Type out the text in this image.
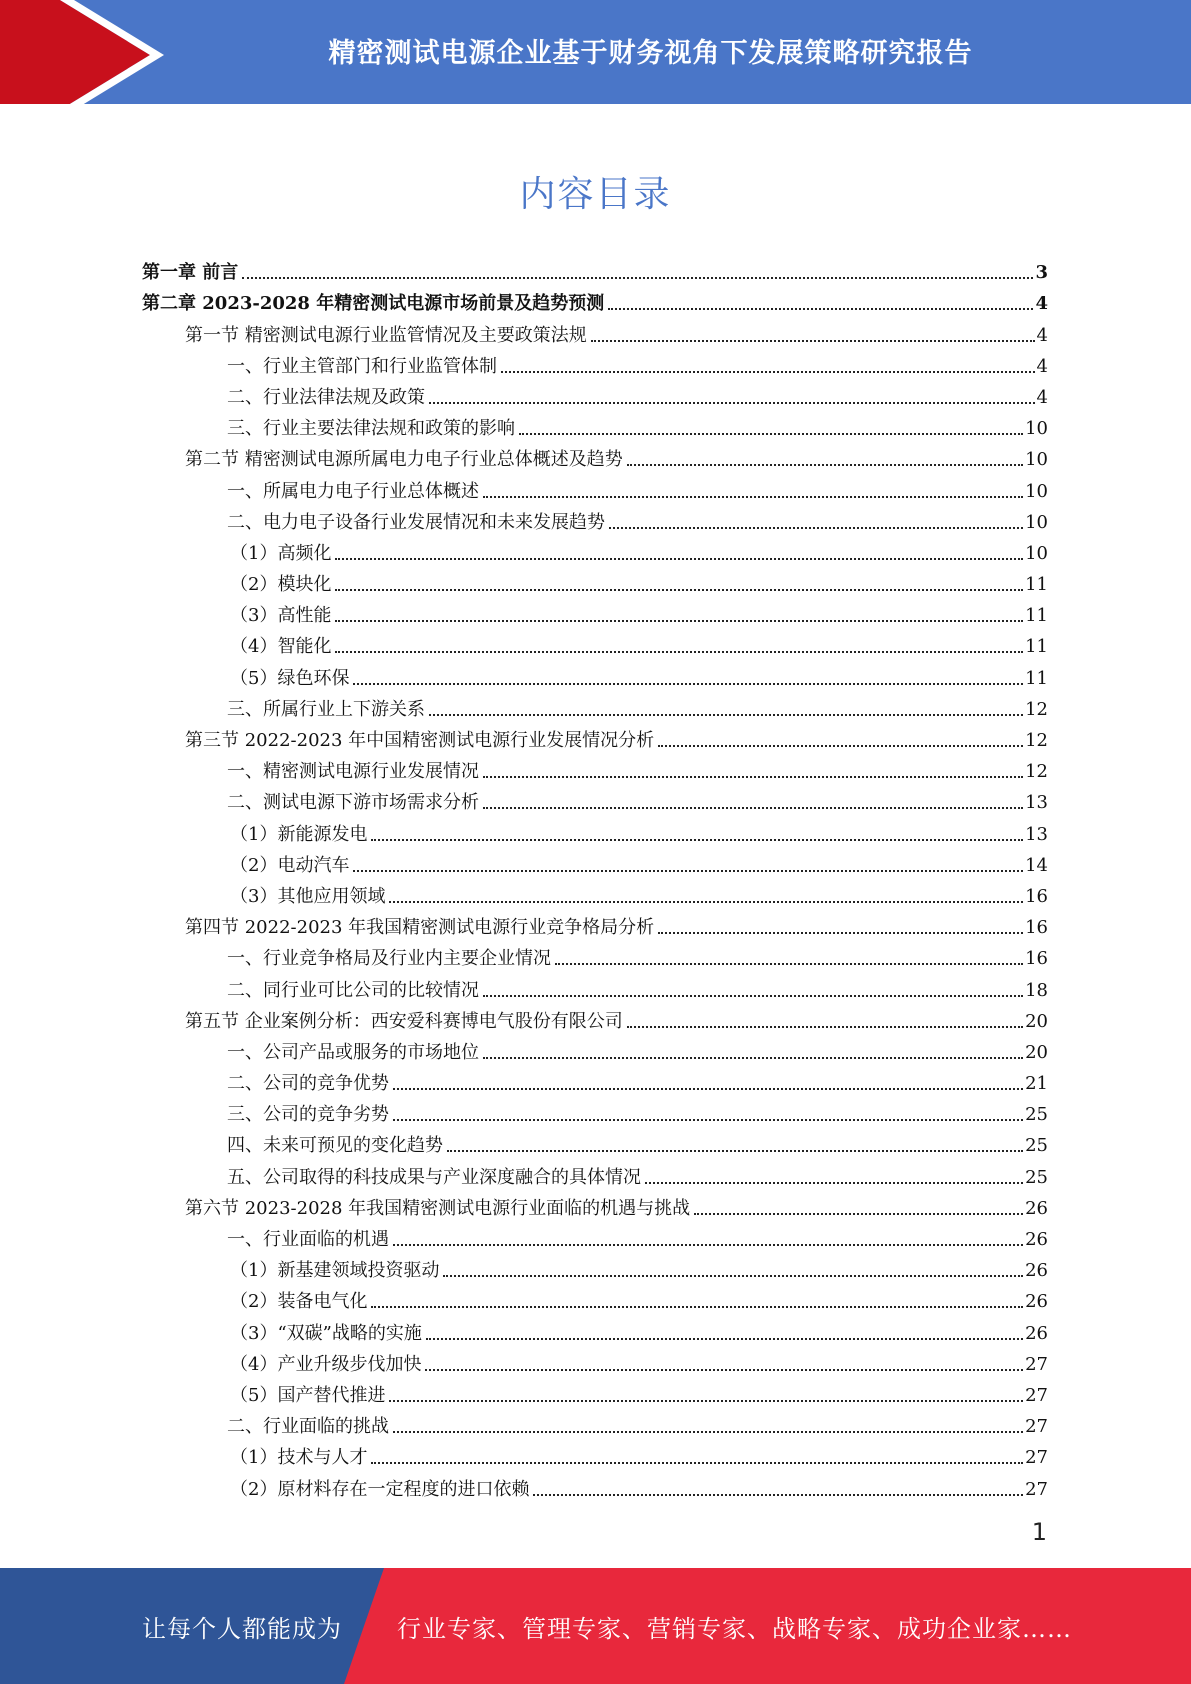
精密测试电源企业基于财务视角下发展策略研究报告
内容目录
第一章 前言	3
第二章 2023-2028 年精密测试电源市场前景及趋势预测	4
第一节 精密测试电源行业监管情况及主要政策法规	4
一、行业主管部门和行业监管体制	4
二、行业法律法规及政策	4
三、行业主要法律法规和政策的影响	10
第二节 精密测试电源所属电力电子行业总体概述及趋势	10
一、所属电力电子行业总体概述	10
二、电力电子设备行业发展情况和未来发展趋势	10
（1）高频化	10
（2）模块化	11
（3）高性能	11
（4）智能化	11
（5）绿色环保	11
三、所属行业上下游关系	12
第三节 2022-2023 年中国精密测试电源行业发展情况分析	12
一、精密测试电源行业发展情况	12
二、测试电源下游市场需求分析	13
（1）新能源发电	13
（2）电动汽车	14
（3）其他应用领域	16
第四节 2022-2023 年我国精密测试电源行业竞争格局分析	16
一、行业竞争格局及行业内主要企业情况	16
二、同行业可比公司的比较情况	18
第五节 企业案例分析：西安爱科赛博电气股份有限公司	20
一、公司产品或服务的市场地位	20
二、公司的竞争优势	21
三、公司的竞争劣势	25
四、未来可预见的变化趋势	25
五、公司取得的科技成果与产业深度融合的具体情况	25
第六节 2023-2028 年我国精密测试电源行业面临的机遇与挑战	26
一、行业面临的机遇	26
（1）新基建领域投资驱动	26
（2）装备电气化	26
（3）“双碳”战略的实施	26
（4）产业升级步伐加快	27
（5）国产替代推进	27
二、行业面临的挑战	27
（1）技术与人才	27
（2）原材料存在一定程度的进口依赖	27
1
让每个人都能成为 行业专家、管理专家、营销专家、战略专家、成功企业家……
